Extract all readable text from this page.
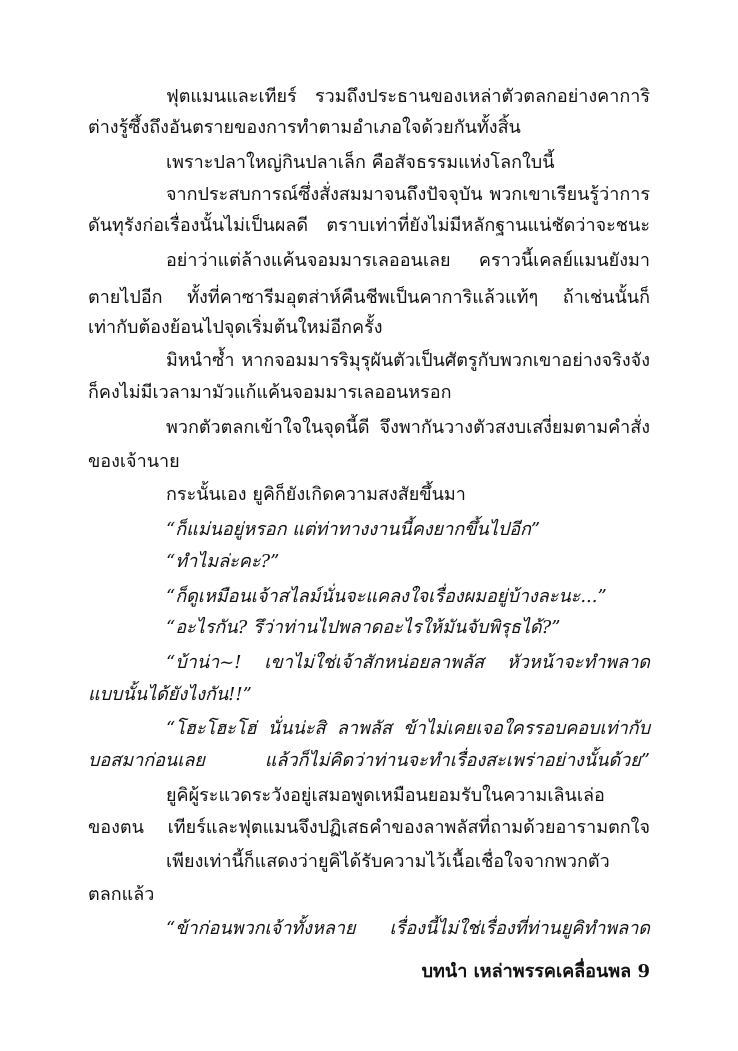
ฟุตแมนและเทียร์ รวมถึงประธานของเหล่าตัวตลกอย่างคาการิ
ต่างรู้ซึ้งถึงอันตรายของการทำตามอำเภอใจด้วยกันทั้งสิ้น
เพราะปลาใหญ่กินปลาเล็ก คือสัจธรรมแห่งโลกใบนี้
จากประสบการณ์ซึ่งสั่งสมมาจนถึงปัจจุบัน พวกเขาเรียนรู้ว่าการ
ดันทุรังก่อเรื่องนั้นไม่เป็นผลดี ตราบเท่าที่ยังไม่มีหลักฐานแน่ชัดว่าจะชนะ
อย่าว่าแต่ล้างแค้นจอมมารเลออนเลย คราวนี้เคลย์แมนยังมา
ตายไปอีก ทั้งที่คาซารีมอุตส่าห์คืนชีพเป็นคาการิแล้วแท้ๆ ถ้าเช่นนั้นก็
เท่ากับต้องย้อนไปจุดเริ่มต้นใหม่อีกครั้ง
มิหนำซ้ำ หากจอมมารริมุรุผันตัวเป็นศัตรูกับพวกเขาอย่างจริงจัง
ก็คงไม่มีเวลามามัวแก้แค้นจอมมารเลออนหรอก
พวกตัวตลกเข้าใจในจุดนี้ดี จึงพากันวางตัวสงบเสงี่ยมตามคำสั่ง
ของเจ้านาย
กระนั้นเอง ยูคิก็ยังเกิดความสงสัยขึ้นมา
“ก็แม่นอยู่หรอก แต่ท่าทางงานนี้คงยากขึ้นไปอีก”
“ทำไมล่ะคะ?”
“ก็ดูเหมือนเจ้าสไลม์นั่นจะแคลงใจเรื่องผมอยู่บ้างละนะ...”
“อะไรกัน? รึว่าท่านไปพลาดอะไรให้มันจับพิรุธได้?”
“บ้าน่า~! เขาไม่ใช่เจ้าสักหน่อยลาพลัส หัวหน้าจะทำพลาด
แบบนั้นได้ยังไงกัน!!”
“โฮะโฮะโฮ่ นั่นน่ะสิ ลาพลัส ข้าไม่เคยเจอใครรอบคอบเท่ากับ
บอสมาก่อนเลย แล้วก็ไม่คิดว่าท่านจะทำเรื่องสะเพร่าอย่างนั้นด้วย”
ยูคิผู้ระแวดระวังอยู่เสมอพูดเหมือนยอมรับในความเลินเล่อ
ของตน เทียร์และฟุตแมนจึงปฏิเสธคำของลาพลัสที่ถามด้วยอารามตกใจ
เพียงเท่านี้ก็แสดงว่ายูคิได้รับความไว้เนื้อเชื่อใจจากพวกตัว
ตลกแล้ว
“ข้าก่อนพวกเจ้าทั้งหลาย เรื่องนี้ไม่ใช่เรื่องที่ท่านยูคิทำพลาด
บทนำ เหล่าพรรคเคลื่อนพล 9
